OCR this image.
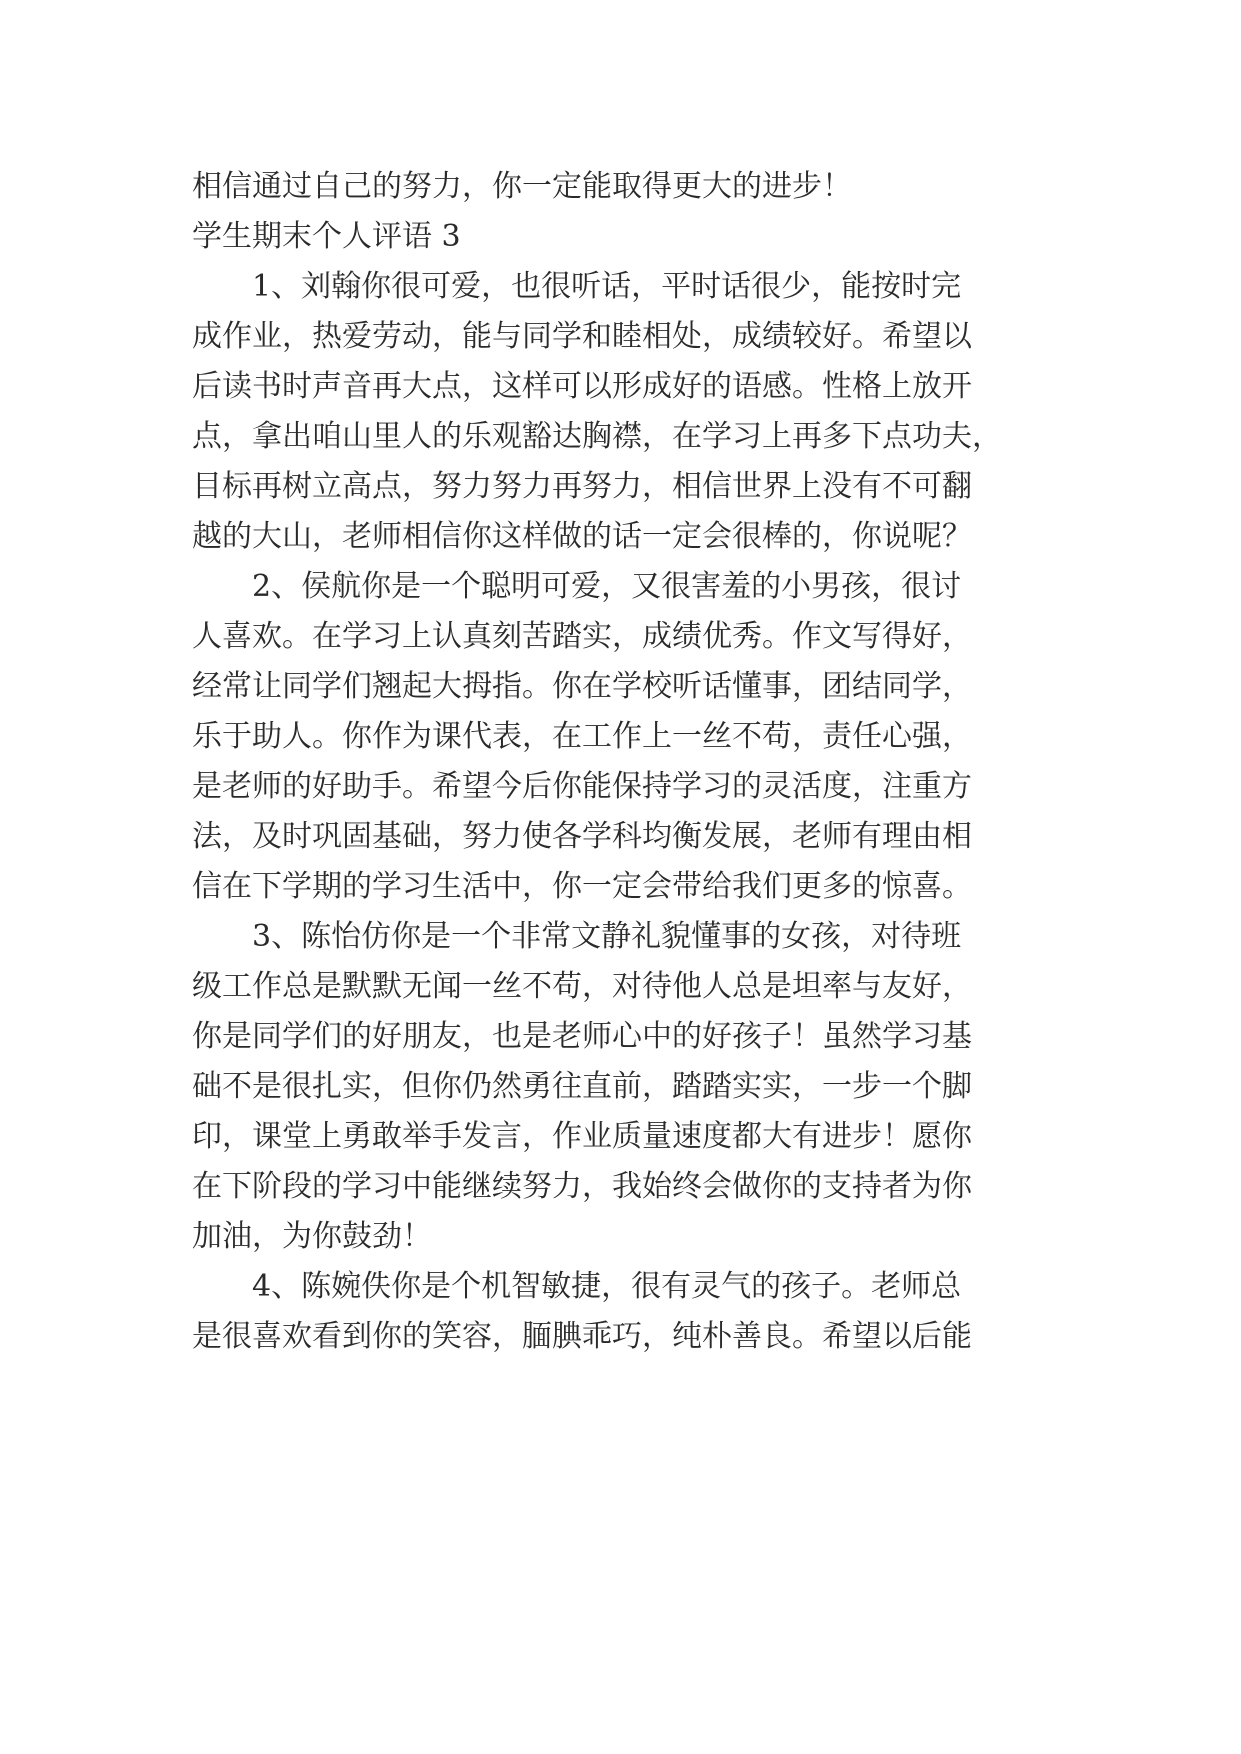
相信通过自己的努力，你一定能取得更大的进步！
学生期末个人评语 3
1、刘翰你很可爱，也很听话，平时话很少，能按时完
成作业，热爱劳动，能与同学和睦相处，成绩较好。希望以
后读书时声音再大点，这样可以形成好的语感。性格上放开
点，拿出咱山里人的乐观豁达胸襟，在学习上再多下点功夫，
目标再树立高点，努力努力再努力，相信世界上没有不可翻
越的大山，老师相信你这样做的话一定会很棒的，你说呢？
2、侯航你是一个聪明可爱，又很害羞的小男孩，很讨
人喜欢。在学习上认真刻苦踏实，成绩优秀。作文写得好，
经常让同学们翘起大拇指。你在学校听话懂事，团结同学，
乐于助人。你作为课代表，在工作上一丝不苟，责任心强，
是老师的好助手。希望今后你能保持学习的灵活度，注重方
法，及时巩固基础，努力使各学科均衡发展，老师有理由相
信在下学期的学习生活中，你一定会带给我们更多的惊喜。
3、陈怡仿你是一个非常文静礼貌懂事的女孩，对待班
级工作总是默默无闻一丝不苟，对待他人总是坦率与友好，
你是同学们的好朋友，也是老师心中的好孩子！虽然学习基
础不是很扎实，但你仍然勇往直前，踏踏实实，一步一个脚
印，课堂上勇敢举手发言，作业质量速度都大有进步！愿你
在下阶段的学习中能继续努力，我始终会做你的支持者为你
加油，为你鼓劲！
4、陈婉佚你是个机智敏捷，很有灵气的孩子。老师总
是很喜欢看到你的笑容，腼腆乖巧，纯朴善良。希望以后能
